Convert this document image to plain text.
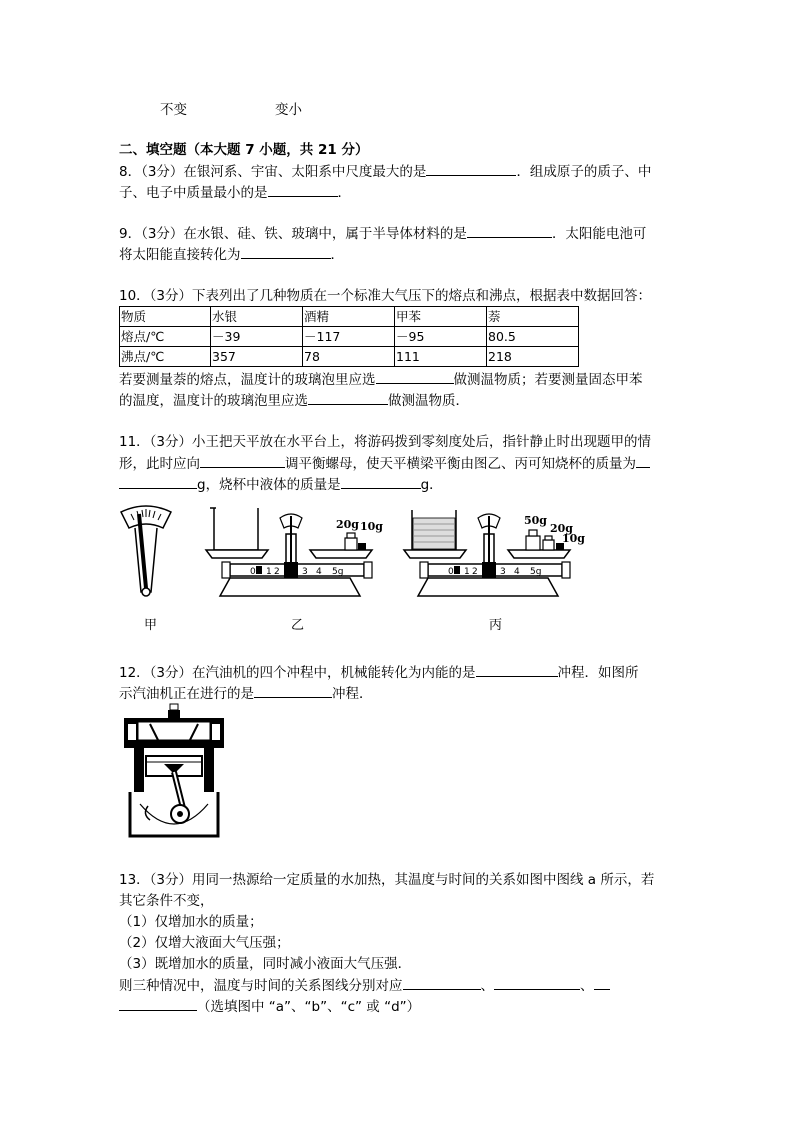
不变	变小
二、填空题（本大题 7 小题，共 21 分）
8．（3分）在银河系、宇宙、太阳系中尺度最大的是	．组成原子的质子、中
子、电子中质量最小的是	．
9．（3分）在水银、硅、铁、玻璃中，属于半导体材料的是	．太阳能电池可
将太阳能直接转化为	．
10．（3分）下表列出了几种物质在一个标准大气压下的熔点和沸点，根据表中数据回答：
物质	水银	酒精	甲苯	萘
熔点/℃	－39	－117	－95	80.5
沸点/℃	357	78	111	218
若要测量萘的熔点，温度计的玻璃泡里应选	做测温物质；若要测量固态甲苯
的温度，温度计的玻璃泡里应选	做测温物质．
11．（3分）小王把天平放在水平台上，将游码拨到零刻度处后，指针静止时出现题甲的情
形，此时应向	调平衡螺母，使天平横梁平衡由图乙、丙可知烧杯的质量为
g，烧杯中液体的质量是	g．
甲
0 1 2 3 4 5g
20g 10g
乙
0 1 2 3 4 5g
50g
20g
10g
丙
12．（3分）在汽油机的四个冲程中，机械能转化为内能的是	冲程．如图所
示汽油机正在进行的是	冲程．
13．（3分）用同一热源给一定质量的水加热，其温度与时间的关系如图中图线 a 所示，若
其它条件不变，
（1）仅增加水的质量；
（2）仅增大液面大气压强；
（3）既增加水的质量，同时减小液面大气压强．
则三种情况中，温度与时间的关系图线分别对应	、	、
（选填图中 “a”、“b”、“c” 或 “d”）
